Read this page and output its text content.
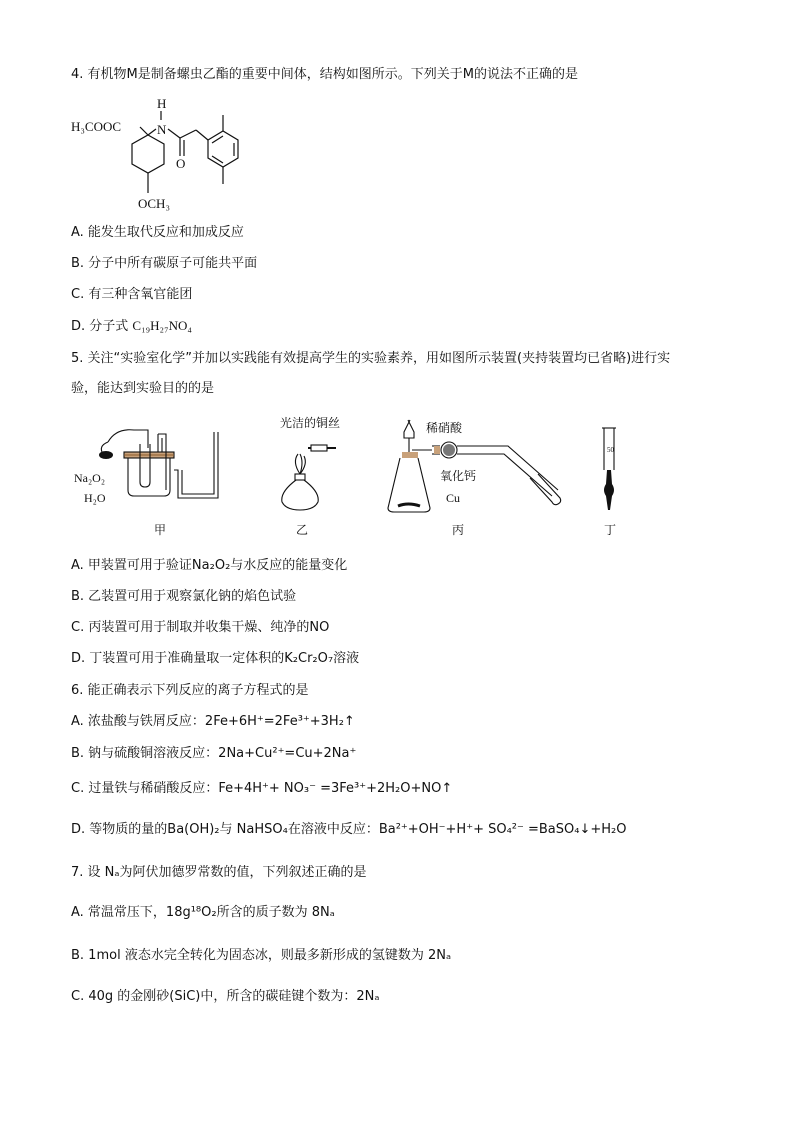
4. 有机物M是制备螺虫乙酯的重要中间体，结构如图所示。下列关于M的说法不正确的是
H₃COOC	N
H
O
OCH₃
A. 能发生取代反应和加成反应
B. 分子中所有碳原子可能共平面
C. 有三种含氧官能团
D. 分子式 C₁₉H₂₇NO₄
5. 关注“实验室化学”并加以实践能有效提高学生的实验素养，用如图所示装置(夹持装置均已省略)进行实
验，能达到实验目的的是
Na₂O₂
H₂O
甲
光洁的铜丝
乙
稀硝酸
氧化钙
Cu
丙
50
丁
A. 甲装置可用于验证Na₂O₂与水反应的能量变化
B. 乙装置可用于观察氯化钠的焰色试验
C. 丙装置可用于制取并收集干燥、纯净的NO
D. 丁装置可用于准确量取一定体积的K₂Cr₂O₇溶液
6. 能正确表示下列反应的离子方程式的是
A. 浓盐酸与铁屑反应：2Fe+6H⁺=2Fe³⁺+3H₂↑
B. 钠与硫酸铜溶液反应：2Na+Cu²⁺=Cu+2Na⁺
C. 过量铁与稀硝酸反应：Fe+4H⁺+ NO₃⁻ =3Fe³⁺+2H₂O+NO↑
D. 等物质的量的Ba(OH)₂与 NaHSO₄在溶液中反应：Ba²⁺+OH⁻+H⁺+ SO₄²⁻ =BaSO₄↓+H₂O
7. 设 Nₐ为阿伏加德罗常数的值，下列叙述正确的是
A. 常温常压下，18g¹⁸O₂所含的质子数为 8Nₐ
B. 1mol 液态水完全转化为固态冰，则最多新形成的氢键数为 2Nₐ
C. 40g 的金刚砂(SiC)中，所含的碳硅键个数为：2Nₐ
